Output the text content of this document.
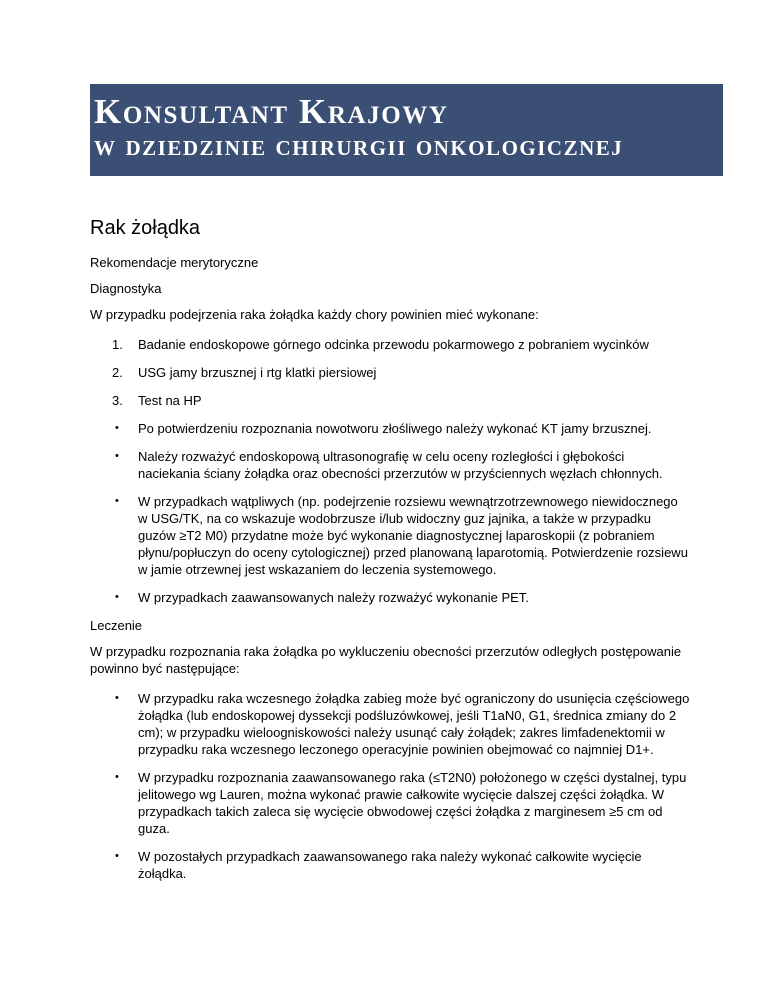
Konsultant Krajowy
w dziedzinie chirurgii onkologicznej
Rak żołądka

Rekomendacje merytoryczne

Diagnostyka

W przypadku podejrzenia raka żołądka każdy chory powinien mieć wykonane:

1. Badanie endoskopowe górnego odcinka przewodu pokarmowego z pobraniem wycinków
2. USG jamy brzusznej i rtg klatki piersiowej
3. Test na HP
• Po potwierdzeniu rozpoznania nowotworu złośliwego należy wykonać KT jamy brzusznej.
• Należy rozważyć endoskopową ultrasonografię w celu oceny rozległości i głębokości naciekania ściany żołądka oraz obecności przerzutów w przyściennych węzłach chłonnych.
• W przypadkach wątpliwych (np. podejrzenie rozsiewu wewnątrzotrzewnowego niewidocznego w USG/TK, na co wskazuje wodobrzusze i/lub widoczny guz jajnika, a także w przypadku guzów ≥T2 M0) przydatne może być wykonanie diagnostycznej laparoskopii (z pobraniem płynu/popłuczyn do oceny cytologicznej) przed planowaną laparotomią. Potwierdzenie rozsiewu w jamie otrzewnej jest wskazaniem do leczenia systemowego.
• W przypadkach zaawansowanych należy rozważyć wykonanie PET.

Leczenie

W przypadku rozpoznania raka żołądka po wykluczeniu obecności przerzutów odległych postępowanie powinno być następujące:

• W przypadku raka wczesnego żołądka zabieg może być ograniczony do usunięcia częściowego żołądka (lub endoskopowej dyssekcji podśluzówkowej, jeśli T1aN0, G1, średnica zmiany do 2 cm); w przypadku wieloogniskowości należy usunąć cały żołądek; zakres limfadenektomii w przypadku raka wczesnego leczonego operacyjnie powinien obejmować co najmniej D1+.
• W przypadku rozpoznania zaawansowanego raka (≤T2N0) położonego w części dystalnej, typu jelitowego wg Lauren, można wykonać prawie całkowite wycięcie dalszej części żołądka. W przypadkach takich zaleca się wycięcie obwodowej części żołądka z marginesem ≥5 cm od guza.
• W pozostałych przypadkach zaawansowanego raka należy wykonać całkowite wycięcie żołądka.
